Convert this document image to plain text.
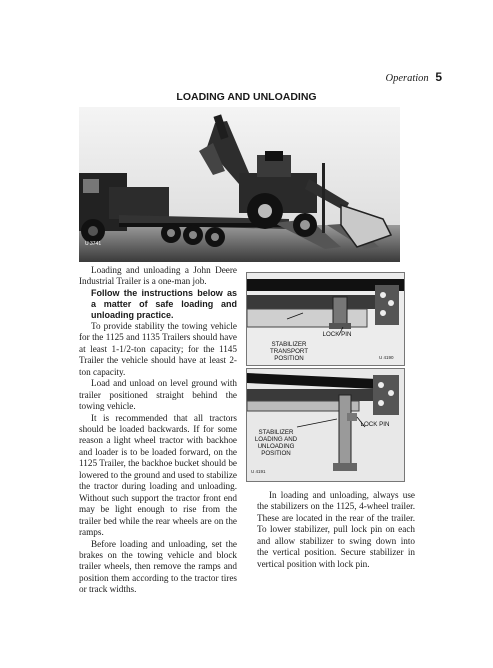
Operation 5
LOADING AND UNLOADING
U 3741

Loading and unloading a John Deere Industrial Trailer is a one-man job.

Follow the instructions below as a matter of safe loading and unloading practice.

To provide stability the towing vehicle for the 1125 and 1135 Trailers should have at least 1-1/2-ton capacity; for the 1145 Trailer the vehicle should have at least 2-ton capacity.

Load and unload on level ground with trailer positioned straight behind the towing vehicle.

It is recommended that all tractors should be loaded backwards. If for some reason a light wheel tractor with backhoe and loader is to be loaded forward, on the 1125 Trailer, the backhoe bucket should be lowered to the ground and used to stabilize the tractor during loading and unloading. Without such support the tractor front end may be light enough to rise from the trailer bed while the rear wheels are on the ramps.

Before loading and unloading, set the brakes on the towing vehicle and block trailer wheels, then remove the ramps and position them according to the tractor tires or track widths.

LOCK PIN
STABILIZER
TRANSPORT
POSITION	U 4190
LOCK PIN
STABILIZER
LOADING AND
UNLOADING
POSITION
U 4191

In loading and unloading, always use the stabilizers on the 1125, 4-wheel trailer. These are located in the rear of the trailer. To lower stabilizer, pull lock pin on each and allow stabilizer to swing down into the vertical position. Secure stabilizer in vertical position with lock pin.
